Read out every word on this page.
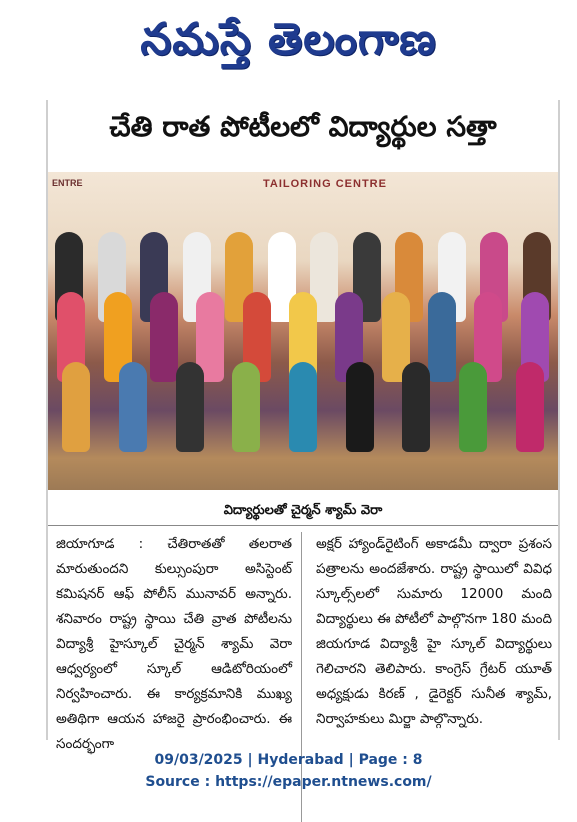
నమస్తే తెలంగాణ
చేతి రాత పోటీలలో విద్యార్థుల సత్తా
ENTRE	TAILORING CENTRE
విద్యార్థులతో చైర్మన్ శ్యామ్ వెరా
జియాగూడ : చేతిరాతతో తలరాత మారుతుందని కుల్సుంపురా అసిస్టెంట్ కమిషనర్ ఆఫ్ పోలీస్ మునావర్ అన్నారు. శనివారం రాష్ట్ర స్థాయి చేతి వ్రాత పోటీలను విద్యాశ్రీ హైస్కూల్ చైర్మన్ శ్యామ్ వెరా ఆధ్వర్యంలో స్కూల్ ఆడిటోరియంలో నిర్వహించారు. ఈ కార్యక్రమానికి ముఖ్య అతిథిగా ఆయన హాజరై ప్రారంభించారు. ఈ సందర్భంగా
అక్షర్ హ్యాండ్‌రైటింగ్ అకాడమీ ద్వారా ప్రశంస పత్రాలను అందజేశారు. రాష్ట్ర స్థాయిలో వివిధ స్కూల్స్‌లలో సుమారు 12000 మంది విద్యార్థులు ఈ పోటీలో పాల్గొనగా 180 మంది జియగూడ విద్యాశ్రీ హై స్కూల్ విద్యార్థులు గెలిచారని తెలిపారు. కాంగ్రెస్ గ్రేటర్ యూత్ అధ్యక్షుడు కిరణ్ , డైరెక్టర్ సునీత శ్యామ్, నిర్వాహకులు మిర్జా పాల్గొన్నారు.
09/03/2025 | Hyderabad | Page : 8
Source : https://epaper.ntnews.com/
